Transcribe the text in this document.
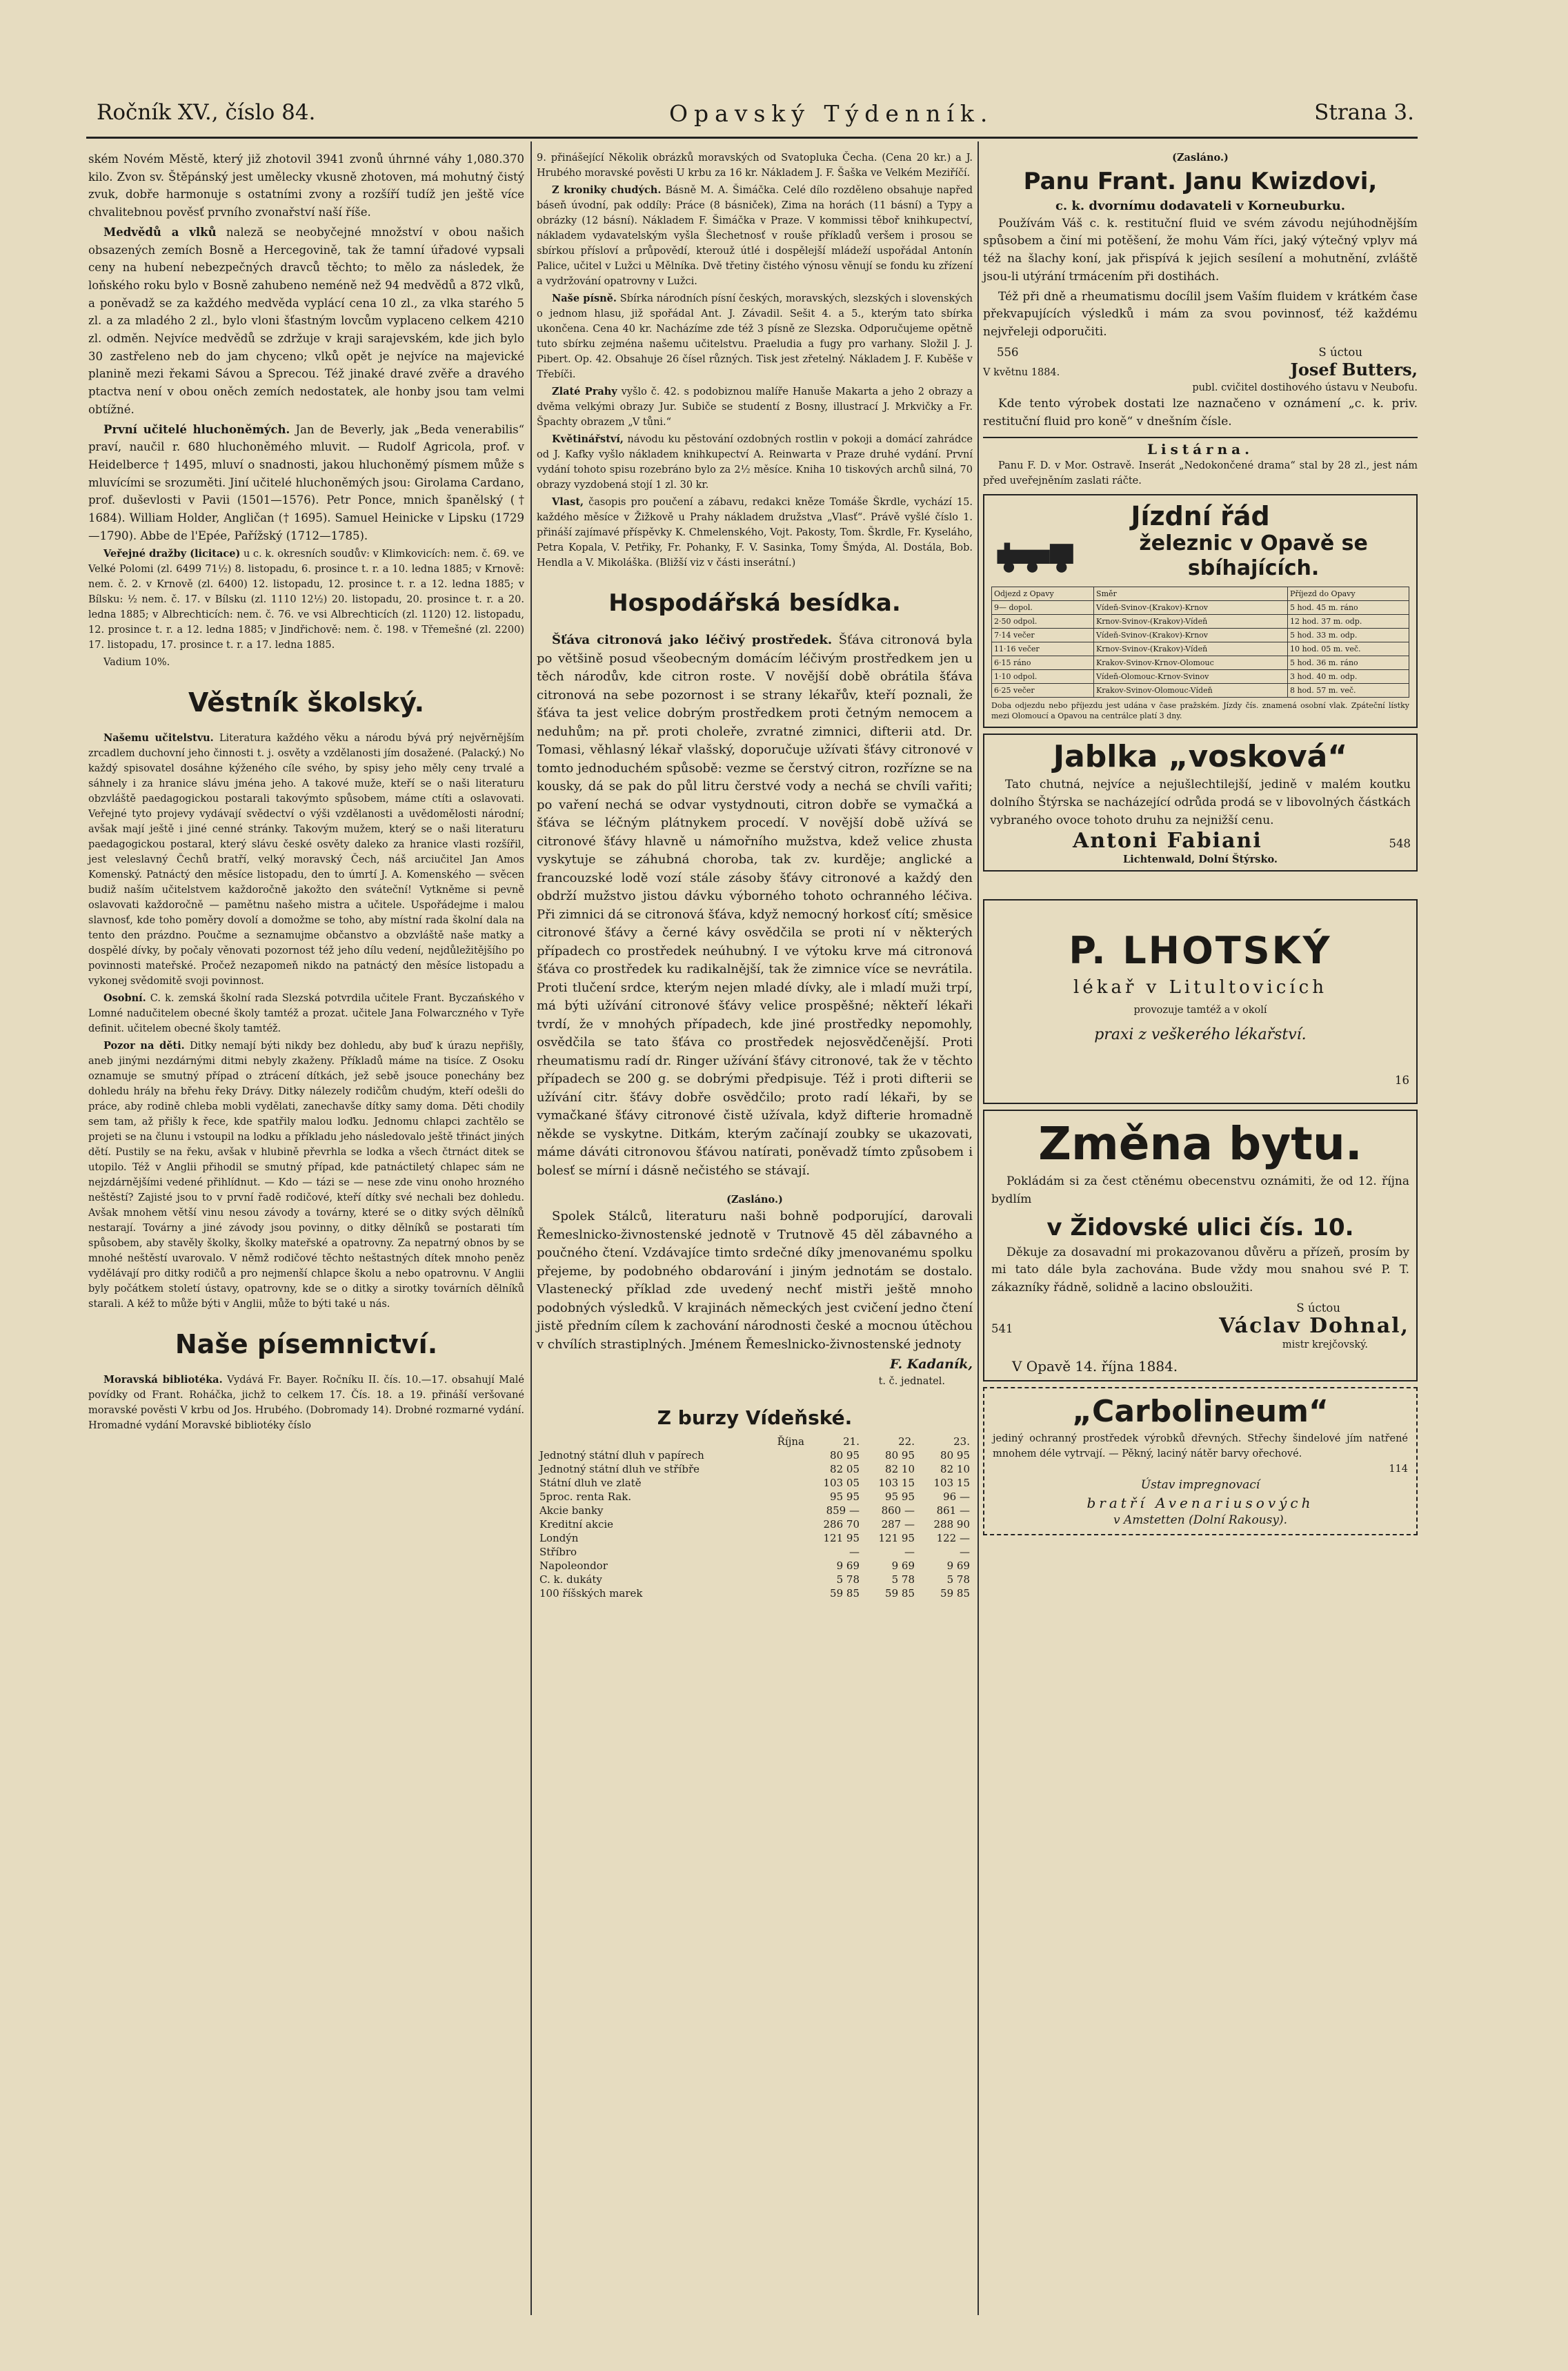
Ročník XV., číslo 84.	Opavský Týdenník.	Strana 3.

ském Novém Městě, který již zhotovil 3941 zvonů úhrnné váhy 1,080.370 kilo. Zvon sv. Štěpánský jest umělecky vkusně zhotoven, má mohutný čistý zvuk, dobře harmonuje s ostatními zvony a rozšíří tudíž jen ještě více chvalitebnou pověsť prvního zvonařství naší říše.

Medvědů a vlků naleză se neobyčejné množství v obou našich obsazených zemích Bosně a Hercegovině, tak že tamní úřadové vypsali ceny na hubení nebezpečných dravců těchto; to mělo za následek, že loňského roku bylo v Bosně zahubeno neméně než 94 medvědů a 872 vlků, a poněvadž se za každého medvěda vyplácí cena 10 zl., za vlka starého 5 zl. a za mladého 2 zl., bylo vloni šťastným lovcům vyplaceno celkem 4210 zl. odměn. Nejvíce medvědů se zdržuje v kraji sarajevském, kde jich bylo 30 zastřeleno neb do jam chyceno; vlků opět je nejvíce na majevické planině mezi řekami Sávou a Sprecou. Též jinaké dravé zvěře a dravého ptactva není v obou oněch zemích nedostatek, ale honby jsou tam velmi obtížné.

První učitelé hluchoněmých. Jan de Beverly, jak „Beda venerabilis“ praví, naučil r. 680 hluchoněmého mluvit. — Rudolf Agricola, prof. v Heidelberce † 1495, mluví o snadnosti, jakou hluchoněmý písmem může s mluvícími se srozuměti. Jiní učitelé hluchoněmých jsou: Girolama Cardano, prof. duševlosti v Pavii (1501—1576). Petr Ponce, mnich španělský († 1684). William Holder, Angličan († 1695). Samuel Heinicke v Lipsku (1729—1790). Abbe de l'Epée, Pařížský (1712—1785).

Veřejné dražby (licitace) u c. k. okresních soudův: v Klimkovicích: nem. č. 69. ve Velké Polomi (zl. 6499 71½) 8. listopadu, 6. prosince t. r. a 10. ledna 1885; v Krnově: nem. č. 2. v Krnově (zl. 6400) 12. listopadu, 12. prosince t. r. a 12. ledna 1885; v Bílsku: ½ nem. č. 17. v Bílsku (zl. 1110 12½) 20. listopadu, 20. prosince t. r. a 20. ledna 1885; v Albrechticích: nem. č. 76. ve vsi Albrechticích (zl. 1120) 12. listopadu, 12. prosince t. r. a 12. ledna 1885; v Jindřichově: nem. č. 198. v Třemešné (zl. 2200) 17. listopadu, 17. prosince t. r. a 17. ledna 1885.

Vadium 10%.

Věstník školský.

Našemu učitelstvu. Literatura každého věku a národu bývá prý nejvěrnějším zrcadlem duchovní jeho činnosti t. j. osvěty a vzdělanosti jím dosažené. (Palacký.) No každý spisovatel dosáhne kýženého cíle svého, by spisy jeho měly ceny trvalé a sáhnely i za hranice slávu jména jeho. A takové muže, kteří se o naši literaturu obzvláště paedagogickou postarali takovýmto spůsobem, máme ctíti a oslavovati. Veřejné tyto projevy vydávají svědectví o výši vzdělanosti a uvědomělosti národní; avšak mají ještě i jiné cenné stránky. Takovým mužem, který se o naši literaturu paedagogickou postaral, který slávu české osvěty daleko za hranice vlasti rozšířil, jest veleslavný Čechů bratří, velký moravský Čech, náš arciučitel Jan Amos Komenský. Patnáctý den měsíce listopadu, den to úmrtí J. A. Komenského — svěcen budiž naším učitelstvem každoročně jakožto den sváteční! Vytkněme si pevně oslavovati každoročně — pamětnu našeho mistra a učitele. Uspořádejme i malou slavnosť, kde toho poměry dovolí a domožme se toho, aby místní rada školní dala na tento den prázdno. Poučme a seznamujme občanstvo a obzvláště naše matky a dospělé dívky, by počaly věnovati pozornost též jeho dílu vedení, nejdůležitějšího po povinnosti mateřské. Pročež nezapomeň nikdo na patnáctý den měsíce listopadu a vykonej svědomitě svoji povinnost.

Osobní. C. k. zemská školní rada Slezská potvrdila učitele Frant. Byczańského v Lomné nadučitelem obecné školy tamtéž a prozat. učitele Jana Folwarczného v Tyře definit. učitelem obecné školy tamtéž.

Pozor na děti. Ditky nemají býti nikdy bez dohledu, aby buď k úrazu nepřišly, aneb jinými nezdárnými ditmi nebyly zkaženy. Příkladů máme na tisíce. Z Osoku oznamuje se smutný případ o ztrácení dítkách, jež sebě jsouce ponechány bez dohledu hrály na břehu řeky Drávy. Ditky nálezely rodičům chudým, kteří odešli do práce, aby rodině chleba mobli vydělati, zanechavše dítky samy doma. Děti chodily sem tam, až přišly k řece, kde spatřily malou loďku. Jednomu chlapci zachtělo se projeti se na člunu i vstoupil na lodku a příkladu jeho následovalo ještě třináct jiných dětí. Pustily se na řeku, avšak v hlubině převrhla se lodka a všech čtrnáct ditek se utopilo. Též v Anglii přihodil se smutný případ, kde patnáctiletý chlapec sám ne nejzdárnějšími vedené přihlídnut. — Kdo — tázi se — nese zde vinu onoho hrozného neštěstí? Zajisté jsou to v první řadě rodičové, kteří dítky své nechali bez dohledu. Avšak mnohem větší vinu nesou závody a továrny, které se o ditky svých dělníků nestarají. Továrny a jiné závody jsou povinny, o ditky dělníků se postarati tím spůsobem, aby stavěly školky, školky mateřské a opatrovny. Za nepatrný obnos by se mnohé neštěstí uvarovalo. V němž rodičové těchto neštastných dítek mnoho peněz vydělávají pro ditky rodičů a pro nejmenší chlapce školu a nebo opatrovnu. V Anglii byly počátkem století ústavy, opatrovny, kde se o ditky a sirotky továrních dělníků starali. A kéž to může býti v Anglii, může to býti také u nás.

Naše písemnictví.

Moravská bibliotéka. Vydává Fr. Bayer. Ročníku II. čís. 10.—17. obsahují Malé povídky od Frant. Roháčka, jichž to celkem 17. Čís. 18. a 19. přináší veršované moravské pověsti V krbu od Jos. Hrubého. (Dobromady 14). Drobné rozmarné vydání. Hromadné vydání Moravské bibliotéky číslo

9. přinášející Několik obrázků moravských od Svatopluka Čecha. (Cena 20 kr.) a J. Hrubého moravské pověsti U krbu za 16 kr. Nákladem J. F. Šaška ve Velkém Meziříčí.

Z kroniky chudých. Básně M. A. Šimáčka. Celé dílo rozděleno obsahuje napřed báseň úvodní, pak oddíly: Práce (8 básniček), Zima na horách (11 básní) a Typy a obrázky (12 básní). Nákladem F. Šimáčka v Praze. V kommissi těboř knihkupectví, nákladem vydavatelským vyšla Šlechetnosť v rouše příkladů veršem i prosou se sbírkou přísloví a průpovědí, kterouž útlé i dospělejší mládeží uspořádal Antonín Palice, učitel v Lužci u Mělníka. Dvě třetiny čistého výnosu věnují se fondu ku zřízení a vydržování opatrovny v Lužci.

Naše písně. Sbírka národních písní českých, moravských, slezských i slovenských o jednom hlasu, již spořádal Ant. J. Závadil. Sešit 4. a 5., kterým tato sbírka ukončena. Cena 40 kr. Nacházíme zde též 3 písně ze Slezska. Odporučujeme opětně tuto sbírku zejména našemu učitelstvu. Praeludia a fugy pro varhany. Složil J. J. Pibert. Op. 42. Obsahuje 26 čísel různých. Tisk jest zřetelný. Nákladem J. F. Kuběše v Třebíči.

Zlaté Prahy vyšlo č. 42. s podobiznou malíře Hanuše Makarta a jeho 2 obrazy a dvěma velkými obrazy Jur. Subiče se studentí z Bosny, illustrací J. Mrkvičky a Fr. Špachty obrazem „V tůni.“

Květinářství, návodu ku pěstování ozdobných rostlin v pokoji a domácí zahrádce od J. Kafky vyšlo nákladem knihkupectví A. Reinwarta v Praze druhé vydání. První vydání tohoto spisu rozebráno bylo za 2½ měsíce. Kniha 10 tiskových archů silná, 70 obrazy vyzdobená stojí 1 zl. 30 kr.

Vlast, časopis pro poučení a zábavu, redakci kněze Tomáše Škrdle, vychází 15. každého měsíce v Žižkově u Prahy nákladem družstva „Vlasť“. Právě vyšlé číslo 1. přináší zajímavé příspěvky K. Chmelenského, Vojt. Pakosty, Tom. Škrdle, Fr. Kyseláho, Petra Kopala, V. Petřiky, Fr. Pohanky, F. V. Sasinka, Tomy Šmýda, Al. Dostála, Bob. Hendla a V. Mikoláška. (Bližší viz v části inserátní.)

Hospodářská besídka.

Šťáva citronová jako léčivý prostředek. Šťáva citronová byla po většině posud všeobecným domácím léčivým prostředkem jen u těch národův, kde citron roste. V novější době obrátila šťáva citronová na sebe pozornost i se strany lékařův, kteří poznali, že šťáva ta jest velice dobrým prostředkem proti četným nemocem a neduhům; na př. proti choleře, zvratné zimnici, difterii atd. Dr. Tomasi, věhlasný lékař vlašský, doporučuje užívati šťávy citronové v tomto jednoduchém spůsobě: vezme se čerstvý citron, rozřízne se na kousky, dá se pak do půl litru čerstvé vody a nechá se chvíli vařiti; po vaření nechá se odvar vystydnouti, citron dobře se vymačká a šťáva se léčným plátnykem procedí. V novější době užívá se citronové šťávy hlavně u námořního mužstva, kdež velice zhusta vyskytuje se záhubná choroba, tak zv. kurděje; anglické a francouzské lodě vozí stále zásoby šťávy citronové a každý den obdrží mužstvo jistou dávku výborného tohoto ochranného léčiva. Při zimnici dá se citronová šťáva, když nemocný horkosť cítí; směsice citronové šťávy a černé kávy osvědčila se proti ní v některých případech co prostředek neúhubný. I ve výtoku krve má citronová šťáva co prostředek ku radikalnější, tak že zimnice více se nevrátila. Proti tlučení srdce, kterým nejen mladé dívky, ale i mladí muži trpí, má býti užívání citronové šťávy velice prospěšné; někteří lékaři tvrdí, že v mnohých případech, kde jiné prostředky nepomohly, osvědčila se tato šťáva co prostředek nejosvědčenější. Proti rheumatismu radí dr. Ringer užívání šťávy citronové, tak že v těchto případech se 200 g. se dobrými předpisuje. Též i proti difterii se užívání citr. šťávy dobře osvědčilo; proto radí lékaři, by se vymačkané šťávy citronové čistě užívala, když difterie hromadně někde se vyskytne. Ditkám, kterým začínají zoubky se ukazovati, máme dáváti citronovou šťávou natírati, poněvadž tímto způsobem i bolesť se mírní i dásně nečistého se stávají.

(Zasláno.)

Spolek Stálců, literaturu naši bohně podporující, darovali Řemeslnicko-živnostenské jednotě v Trutnově 45 děl zábavného a poučného čtení. Vzdávajíce timto srdečné díky jmenovanému spolku přejeme, by podobného obdarování i jiným jednotám se dostalo. Vlastenecký příklad zde uvedený nechť mistři ještě mnoho podobných výsledků. V krajinách německých jest cvičení jedno čtení jistě předním cílem k zachování národnosti české a mocnou útěchou v chvílích strastiplných. Jménem Řemeslnicko-živnostenské jednoty

F. Kadaník,
t. č. jednatel.
Z burzy Vídeňské.
Října	21.	22.	23.
Jednotný státní dluh v papírech	80 95	80 95	80 95
Jednotný státní dluh ve stříbře	82 05	82 10	82 10
Státní dluh ve zlatě	103 05	103 15	103 15
5proc. renta Rak.	95 95	95 95	96 —
Akcie banky	859 —	860 —	861 —
Kreditní akcie	286 70	287 —	288 90
Londýn	121 95	121 95	122 —
Stříbro	—	—	—
Napoleondor	9 69	9 69	9 69
C. k. dukáty	5 78	5 78	5 78
100 říšských marek	59 85	59 85	59 85
(Zasláno.)
Panu Frant. Janu Kwizdovi,
c. k. dvornímu dodavateli v Korneuburku.

Používám Váš c. k. restituční fluid ve svém závodu nejúhodnějším spůsobem a činí mi potěšení, že mohu Vám říci, jaký výtečný vplyv má též na šlachy koní, jak přispívá k jejich sesílení a mohutnění, zvláště jsou-li utýrání trmácením při dostihách.

Též při dně a rheumatismu docílil jsem Vaším fluidem v krátkém čase překvapujících výsledků i mám za svou povinnosť, též každému nejvřeleji odporučiti.

556	S úctou
V květnu 1884.	Josef Butters,
publ. cvičitel dostihového ústavu v Neubofu.

Kde tento výrobek dostati lze naznačeno v oznámení „c. k. priv. restituční fluid pro koně“ v dnešním čísle.

Listárna.

Panu F. D. v Mor. Ostravě. Inserát „Nedokončené drama“ stal by 28 zl., jest nám před uveřejněním zaslati ráčte.

Jízdní řád
železnic v Opavě se sbíhajících.
Odjezd z Opavy	Směr	Příjezd do Opavy
9— dopol.	Vídeň-Svinov-(Krakov)-Krnov	5 hod. 45 m. ráno
2·50 odpol.	Krnov-Svinov-(Krakov)-Vídeň	12 hod. 37 m. odp.
7·14 večer	Vídeň-Svinov-(Krakov)-Krnov	5 hod. 33 m. odp.
11·16 večer	Krnov-Svinov-(Krakov)-Vídeň	10 hod. 05 m. več.
6·15 ráno	Krakov-Svinov-Krnov-Olomouc	5 hod. 36 m. ráno
1·10 odpol.	Vídeň-Olomouc-Krnov-Svinov	3 hod. 40 m. odp.
6·25 večer	Krakov-Svinov-Olomouc-Vídeň	8 hod. 57 m. več.
Doba odjezdu nebo příjezdu jest udána v čase pražském. Jízdy čís. znamená osobní vlak. Zpáteční lístky mezi Olomoucí a Opavou na centrálce platí 3 dny.
Jablka „vosková“

Tato chutná, nejvíce a nejušlechtilejší, jedině v malém koutku dolního Štýrska se nacházející odrůda prodá se v libovolných částkách vybraného ovoce tohoto druhu za nejnižší cenu.

Antoni Fabiani	548
Lichtenwald, Dolní Štýrsko.
P. LHOTSKÝ
lékař v Litultovicích
provozuje tamtéž a v okolí
praxi z veškerého lékařství.
16
Změna bytu.

Pokládám si za čest ctěnému obecenstvu oznámiti, že od 12. října bydlím

v Židovské ulici čís. 10.

Děkuje za dosavadní mi prokazovanou důvěru a přízeň, prosím by mi tato dále byla zachována. Bude vždy mou snahou své P. T. zákazníky řádně, solidně a lacino obsloužiti.

S úctou
541	Václav Dohnal,
mistr krejčovský.
V Opavě 14. října 1884.
„Carbolineum“
jediný ochranný prostředek výrobků dřevných. Střechy šindelové jím natřené mnohem déle vytrvají. — Pěkný, laciný nátěr barvy ořechové.
114
Ústav impregnovací
bratří Avenariusových
v Amstetten (Dolní Rakousy).
